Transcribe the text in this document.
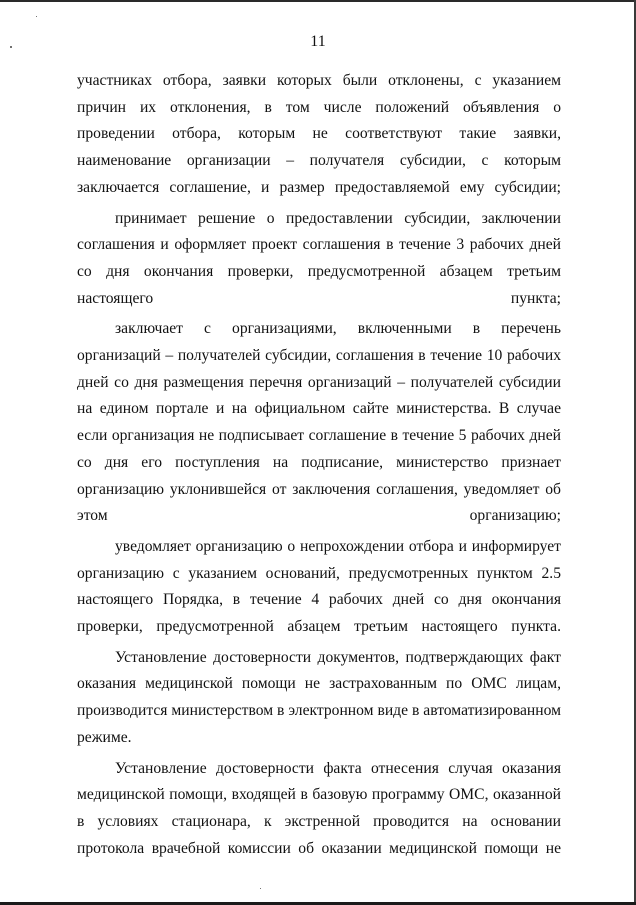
11

участниках отбора, заявки которых были отклонены, с указанием причин их отклонения, в том числе положений объявления о проведении отбора, которым не соответствуют такие заявки, наименование организации – получателя субсидии, с которым заключается соглашение, и размер предоставляемой ему субсидии;

принимает решение о предоставлении субсидии, заключении соглашения и оформляет проект соглашения в течение 3 рабочих дней со дня окончания проверки, предусмотренной абзацем третьим настоящего пункта;

заключает с организациями, включенными в перечень организаций – получателей субсидии, соглашения в течение 10 рабочих дней со дня размещения перечня организаций – получателей субсидии на едином портале и на официальном сайте министерства. В случае если организация не подписывает соглашение в течение 5 рабочих дней со дня его поступления на подписание, министерство признает организацию уклонившейся от заключения соглашения, уведомляет об этом организацию;

уведомляет организацию о непрохождении отбора и информирует организацию с указанием оснований, предусмотренных пунктом 2.5 настоящего Порядка, в течение 4 рабочих дней со дня окончания проверки, предусмотренной абзацем третьим настоящего пункта.

Установление достоверности документов, подтверждающих факт оказания медицинской помощи не застрахованным по ОМС лицам, производится министерством в электронном виде в автоматизированном режиме.

Установление достоверности факта отнесения случая оказания медицинской помощи, входящей в базовую программу ОМС, оказанной в условиях стационара, к экстренной проводится на основании протокола врачебной комиссии об оказании медицинской помощи не
